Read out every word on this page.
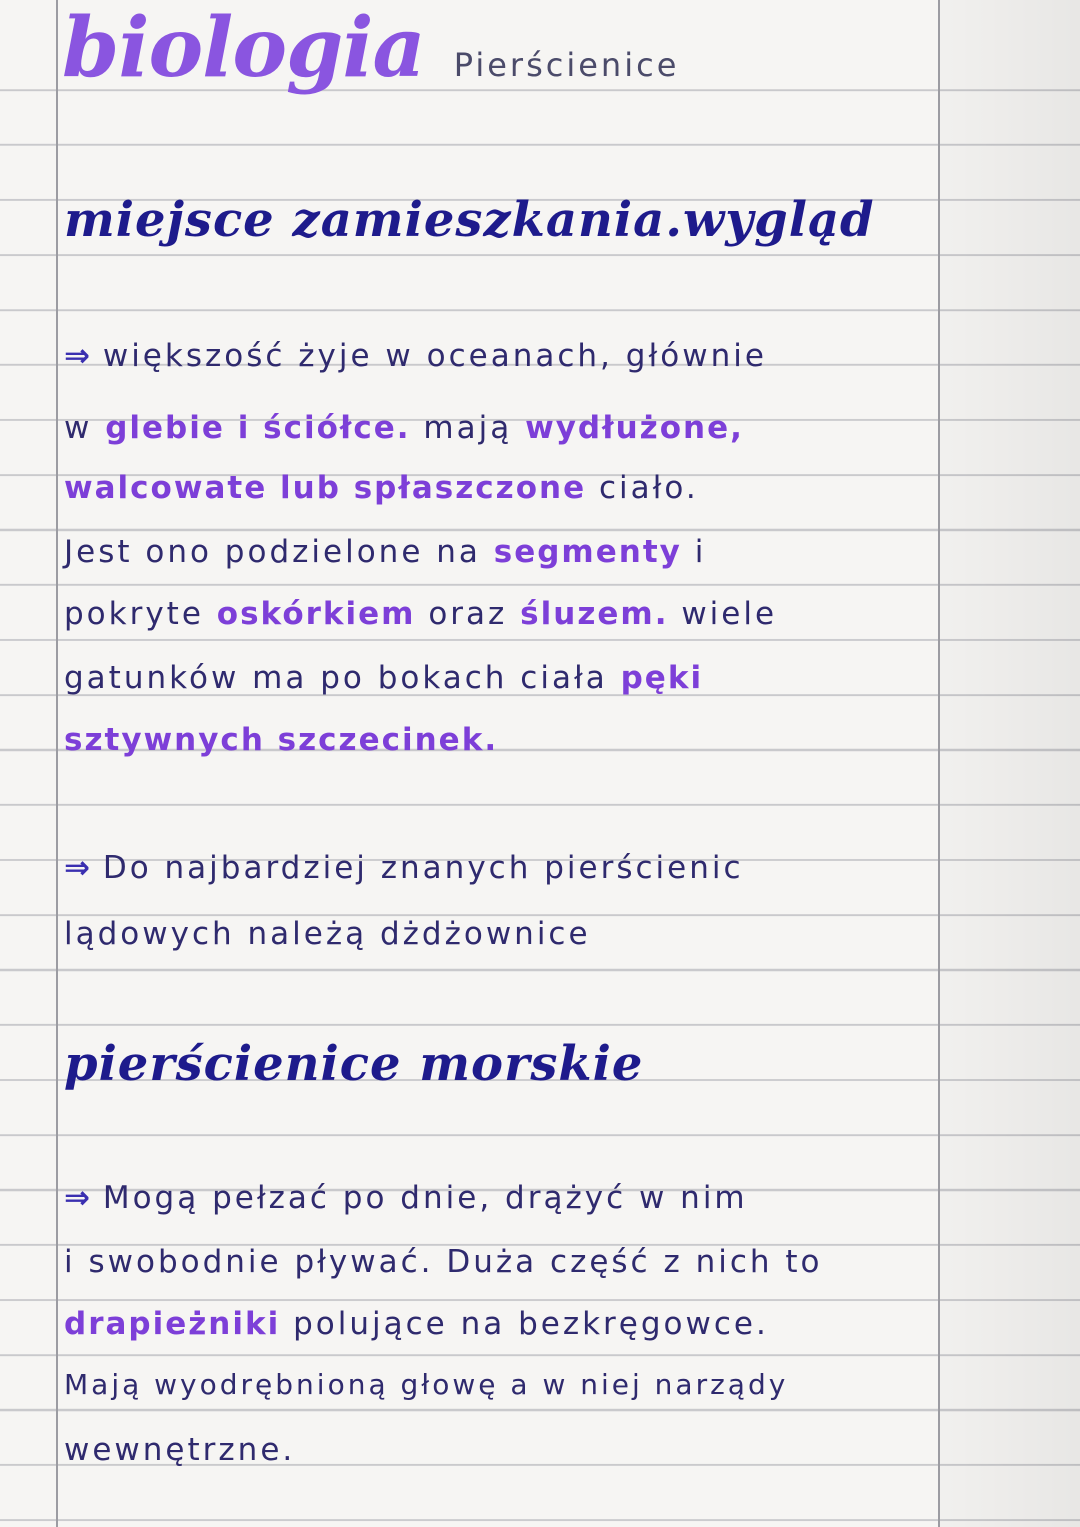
biologia Pierścienice
miejsce zamieszkania.wygląd
⇒ większość żyje w oceanach, głównie
w glebie i ściółce. mają wydłużone,
walcowate lub spłaszczone ciało.
Jest ono podzielone na segmenty i
pokryte oskórkiem oraz śluzem. wiele
gatunków ma po bokach ciała pęki
sztywnych szczecinek.
⇒ Do najbardziej znanych pierścienic
lądowych należą dżdżownice
pierścienice morskie
⇒ Mogą pełzać po dnie, drążyć w nim
i swobodnie pływać. Duża część z nich to
drapieżniki polujące na bezkręgowce.
Mają wyodrębnioną głowę a w niej narządy
wewnętrzne.
